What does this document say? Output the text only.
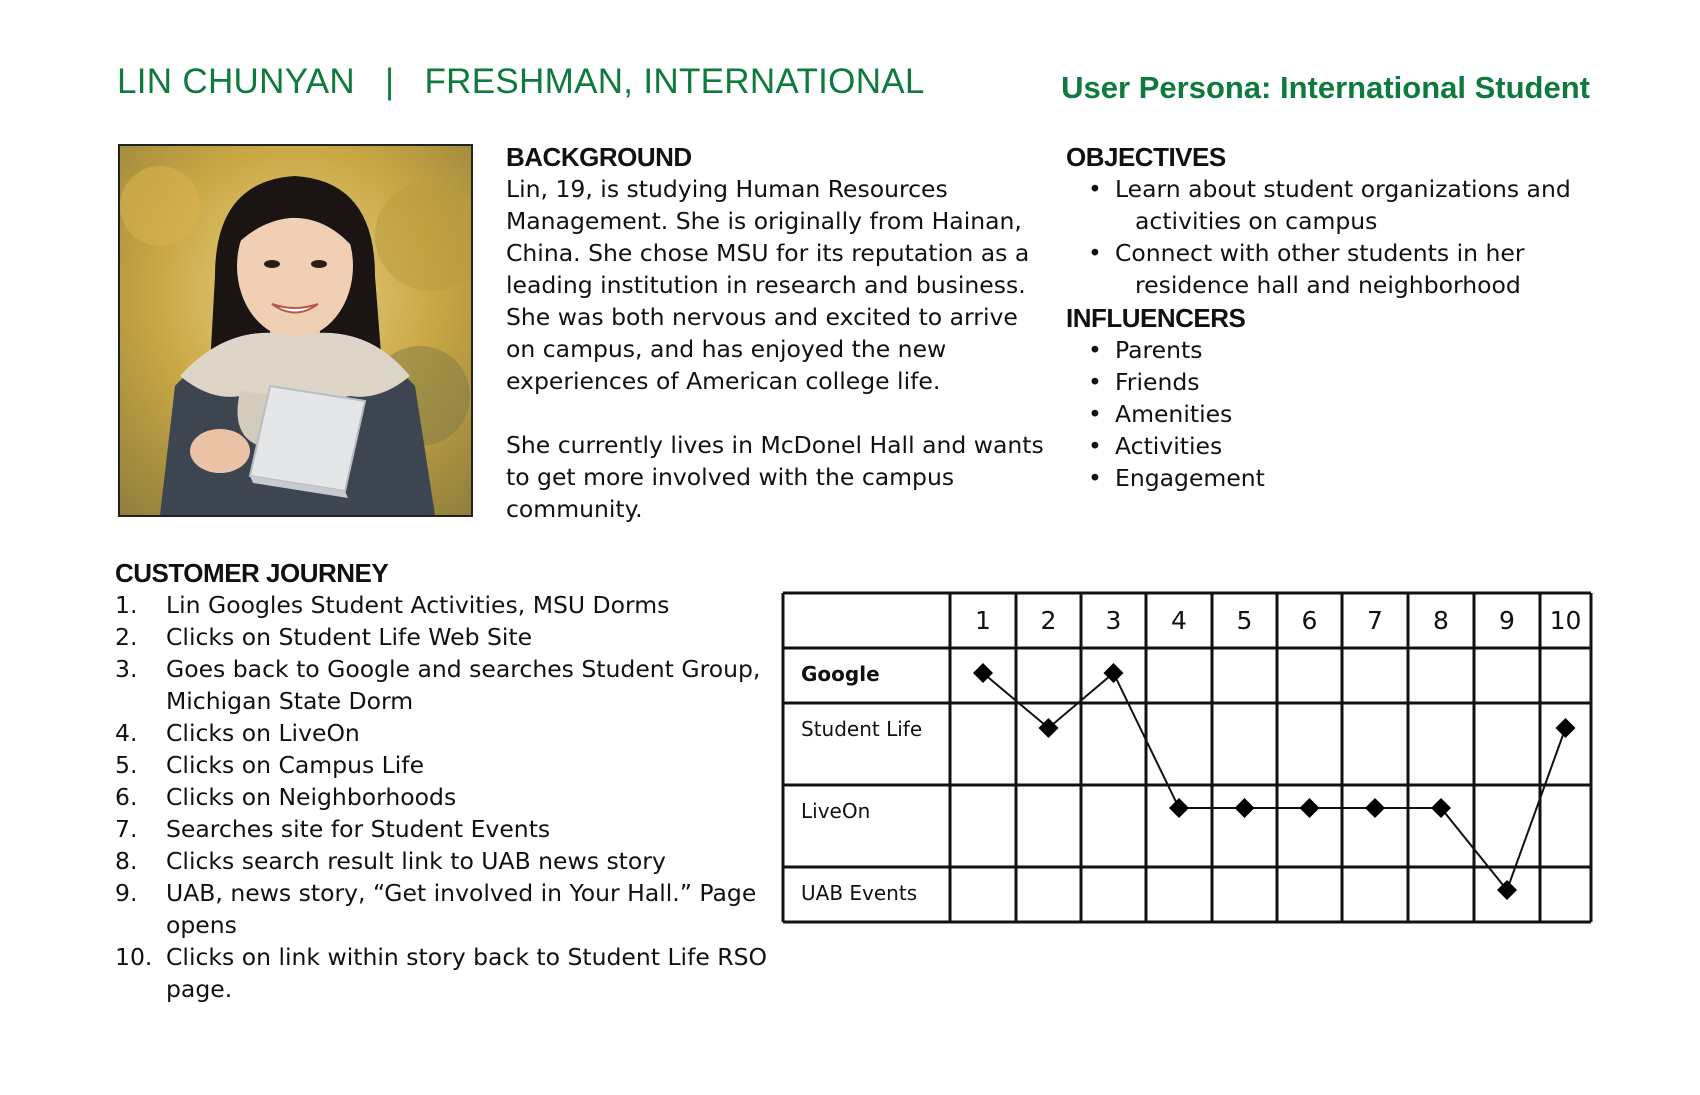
LIN CHUNYAN   |   FRESHMAN, INTERNATIONAL	User Persona: International Student
BACKGROUND

Lin, 19, is studying Human Resources Management. She is originally from Hainan, China. She chose MSU for its reputation as a leading institution in research and business. She was both nervous and excited to arrive on campus, and has enjoyed the new experiences of American college life.

She currently lives in McDonel Hall and wants to get more involved with the campus community.

OBJECTIVES
• Learn about student organizations and
activities on campus
• Connect with other students in her
residence hall and neighborhood
INFLUENCERS
• Parents
• Friends
• Amenities
• Activities
• Engagement
CUSTOMER JOURNEY
1. Lin Googles Student Activities, MSU Dorms
2. Clicks on Student Life Web Site
3. Goes back to Google and searches Student Group, Michigan State Dorm
4. Clicks on LiveOn
5. Clicks on Campus Life
6. Clicks on Neighborhoods
7. Searches site for Student Events
8. Clicks search result link to UAB news story
9. UAB, news story, “Get involved in Your Hall.” Page opens
10. Clicks on link within story back to Student Life RSO page.
1 2 3 4 5 6 7 8 9 10
Google
Student Life
LiveOn
UAB Events
